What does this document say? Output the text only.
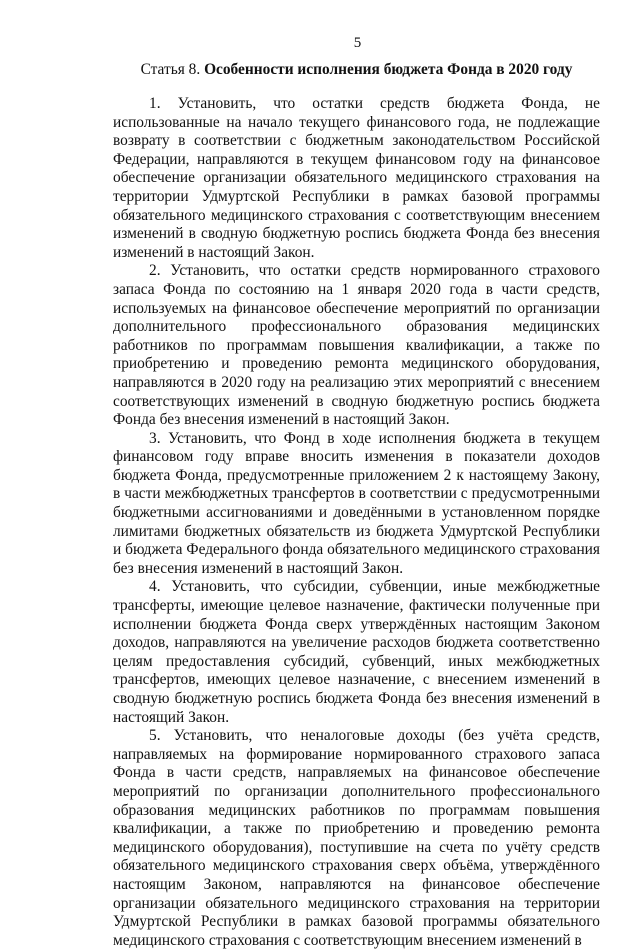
5
Статья 8. Особенности исполнения бюджета Фонда в 2020 году

1. Установить, что остатки средств бюджета Фонда, не использованные на начало текущего финансового года, не подлежащие возврату в соответствии с бюджетным законодательством Российской Федерации, направляются в текущем финансовом году на финансовое обеспечение организации обязательного медицинского страхования на территории Удмуртской Республики в рамках базовой программы обязательного медицинского страхования с соответствующим внесением изменений в сводную бюджетную роспись бюджета Фонда без внесения изменений в настоящий Закон.

2. Установить, что остатки средств нормированного страхового запаса Фонда по состоянию на 1 января 2020 года в части средств, используемых на финансовое обеспечение мероприятий по организации дополнительного профессионального образования медицинских работников по программам повышения квалификации, а также по приобретению и проведению ремонта медицинского оборудования, направляются в 2020 году на реализацию этих мероприятий с внесением соответствующих изменений в сводную бюджетную роспись бюджета Фонда без внесения изменений в настоящий Закон.

3. Установить, что Фонд в ходе исполнения бюджета в текущем финансовом году вправе вносить изменения в показатели доходов бюджета Фонда, предусмотренные приложением 2 к настоящему Закону, в части межбюджетных трансфертов в соответствии с предусмотренными бюджетными ассигнованиями и доведёнными в установленном порядке лимитами бюджетных обязательств из бюджета Удмуртской Республики и бюджета Федерального фонда обязательного медицинского страхования без внесения изменений в настоящий Закон.

4. Установить, что субсидии, субвенции, иные межбюджетные трансферты, имеющие целевое назначение, фактически полученные при исполнении бюджета Фонда сверх утверждённых настоящим Законом доходов, направляются на увеличение расходов бюджета соответственно целям предоставления субсидий, субвенций, иных межбюджетных трансфертов, имеющих целевое назначение, с внесением изменений в сводную бюджетную роспись бюджета Фонда без внесения изменений в настоящий Закон.

5. Установить, что неналоговые доходы (без учёта средств, направляемых на формирование нормированного страхового запаса Фонда в части средств, направляемых на финансовое обеспечение мероприятий по организации дополнительного профессионального образования медицинских работников по программам повышения квалификации, а также по приобретению и проведению ремонта медицинского оборудования), поступившие на счета по учёту средств обязательного медицинского страхования сверх объёма, утверждённого настоящим Законом, направляются на финансовое обеспечение организации обязательного медицинского страхования на территории Удмуртской Республики в рамках базовой программы обязательного медицинского страхования с соответствующим внесением изменений в
